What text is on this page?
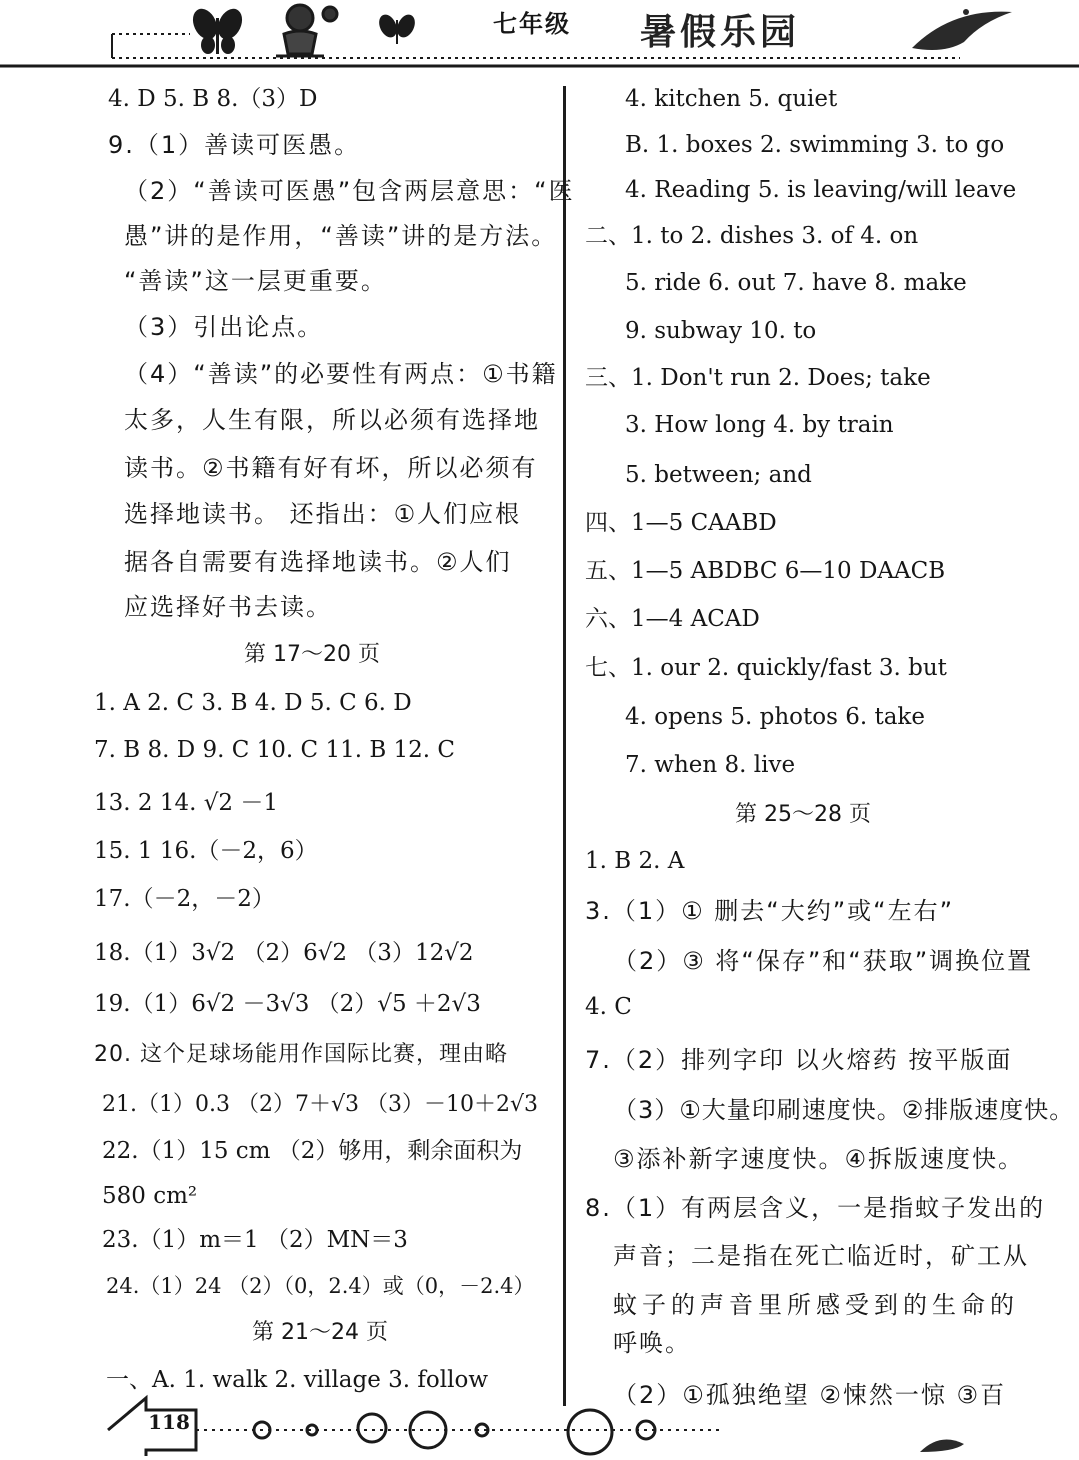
七年级	暑假乐园
4. D 5. B 8.（3）D
9.（1）善读可医愚。
（2）“善读可医愚”包含两层意思：“医
愚”讲的是作用，“善读”讲的是方法。
“善读”这一层更重要。
（3）引出论点。
（4）“善读”的必要性有两点：①书籍
太多，人生有限，所以必须有选择地
读书。②书籍有好有坏，所以必须有
选择地读书。 还指出：①人们应根
据各自需要有选择地读书。②人们
应选择好书去读。
第 17～20 页
1. A 2. C 3. B 4. D 5. C 6. D
7. B 8. D 9. C 10. C 11. B 12. C
13. 2 14. √2 －1
15. 1 16.（－2，6）
17.（－2，－2）
18.（1）3√2 （2）6√2 （3）12√2
19.（1）6√2 －3√3 （2）√5 ＋2√3
20. 这个足球场能用作国际比赛，理由略
21.（1）0.3 （2）7＋√3 （3）－10＋2√3
22.（1）15 cm （2）够用，剩余面积为
580 cm²
23.（1）m＝1 （2）MN＝3
24.（1）24 （2）（0，2.4）或（0，－2.4）
第 21～24 页
一、A. 1. walk 2. village 3. follow
4. kitchen 5. quiet
B. 1. boxes 2. swimming 3. to go
4. Reading 5. is leaving/will leave
二、1. to 2. dishes 3. of 4. on
5. ride 6. out 7. have 8. make
9. subway 10. to
三、1. Don't run 2. Does; take
3. How long 4. by train
5. between; and
四、1—5 CAABD
五、1—5 ABDBC 6—10 DAACB
六、1—4 ACAD
七、1. our 2. quickly/fast 3. but
4. opens 5. photos 6. take
7. when 8. live
第 25～28 页
1. B 2. A
3.（1）① 删去“大约”或“左右”
（2）③ 将“保存”和“获取”调换位置
4. C
7.（2）排列字印 以火熔药 按平版面
（3）①大量印刷速度快。②排版速度快。
③添补新字速度快。④拆版速度快。
8.（1）有两层含义，一是指蚊子发出的
声音；二是指在死亡临近时，矿工从
蚊子的声音里所感受到的生命的
呼唤。
（2）①孤独绝望 ②悚然一惊 ③百
118
